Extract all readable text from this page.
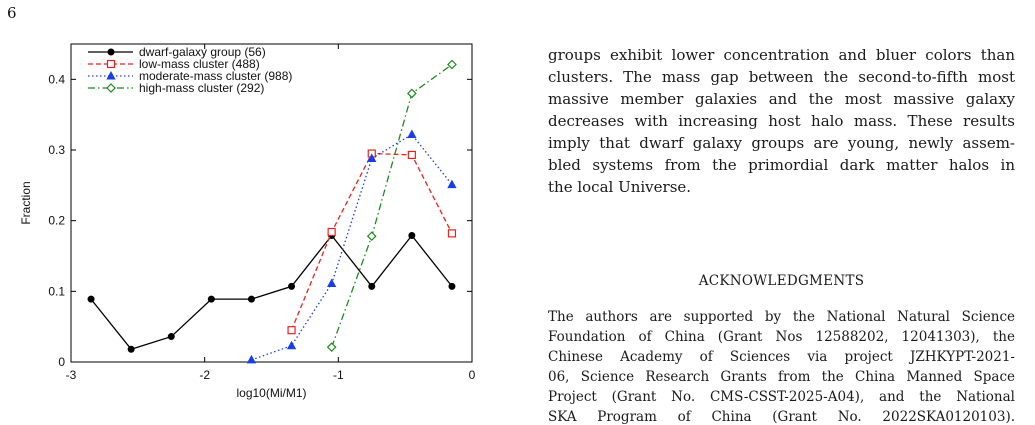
6
-3	-2	-1	0
0
0.1
0.2
0.3
0.4
dwarf-galaxy group (56)
low-mass cluster (488)
moderate-mass cluster (988)
high-mass cluster (292)
log10(Mi/M1)
Fraction
groups exhibit lower concentration and bluer colors than
clusters. The mass gap between the second-to-fifth most
massive member galaxies and the most massive galaxy
decreases with increasing host halo mass. These results
imply that dwarf galaxy groups are young, newly assem-
bled systems from the primordial dark matter halos in
the local Universe.
ACKNOWLEDGMENTS
The authors are supported by the National Natural Science
Foundation of China (Grant Nos 12588202, 12041303), the
Chinese Academy of Sciences via project JZHKYPT-2021-
06, Science Research Grants from the China Manned Space
Project (Grant No. CMS-CSST-2025-A04), and the National
SKA Program of China (Grant No. 2022SKA0120103).
